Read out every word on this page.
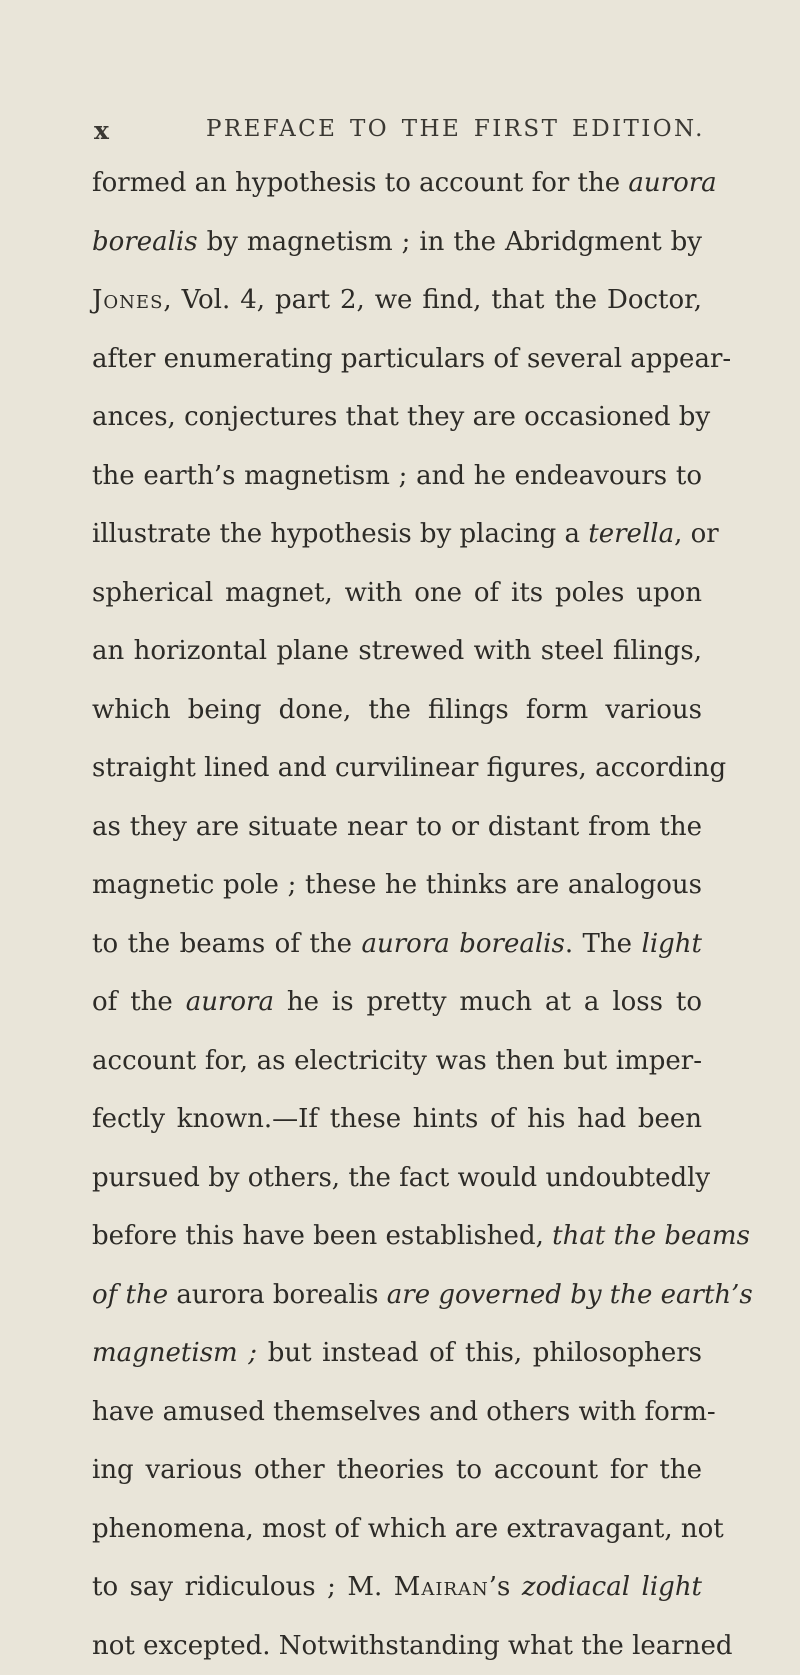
x	PREFACE TO THE FIRST EDITION.
formed an hypothesis to account for the aurora
borealis by magnetism ; in the Abridgment by
Jones, Vol. 4, part 2, we find, that the Doctor,
after enumerating particulars of several appear-
ances, conjectures that they are occasioned by
the earth’s magnetism ; and he endeavours to
illustrate the hypothesis by placing a terella, or
spherical magnet, with one of its poles upon
an horizontal plane strewed with steel filings,
which being done, the filings form various
straight lined and curvilinear figures, according
as they are situate near to or distant from the
magnetic pole ; these he thinks are analogous
to the beams of the aurora borealis. The light
of the aurora he is pretty much at a loss to
account for, as electricity was then but imper-
fectly known.—If these hints of his had been
pursued by others, the fact would undoubtedly
before this have been established, that the beams
of the aurora borealis are governed by the earth’s
magnetism ; but instead of this, philosophers
have amused themselves and others with form-
ing various other theories to account for the
phenomena, most of which are extravagant, not
to say ridiculous ; M. Mairan’s zodiacal light
not excepted. Notwithstanding what the learned
